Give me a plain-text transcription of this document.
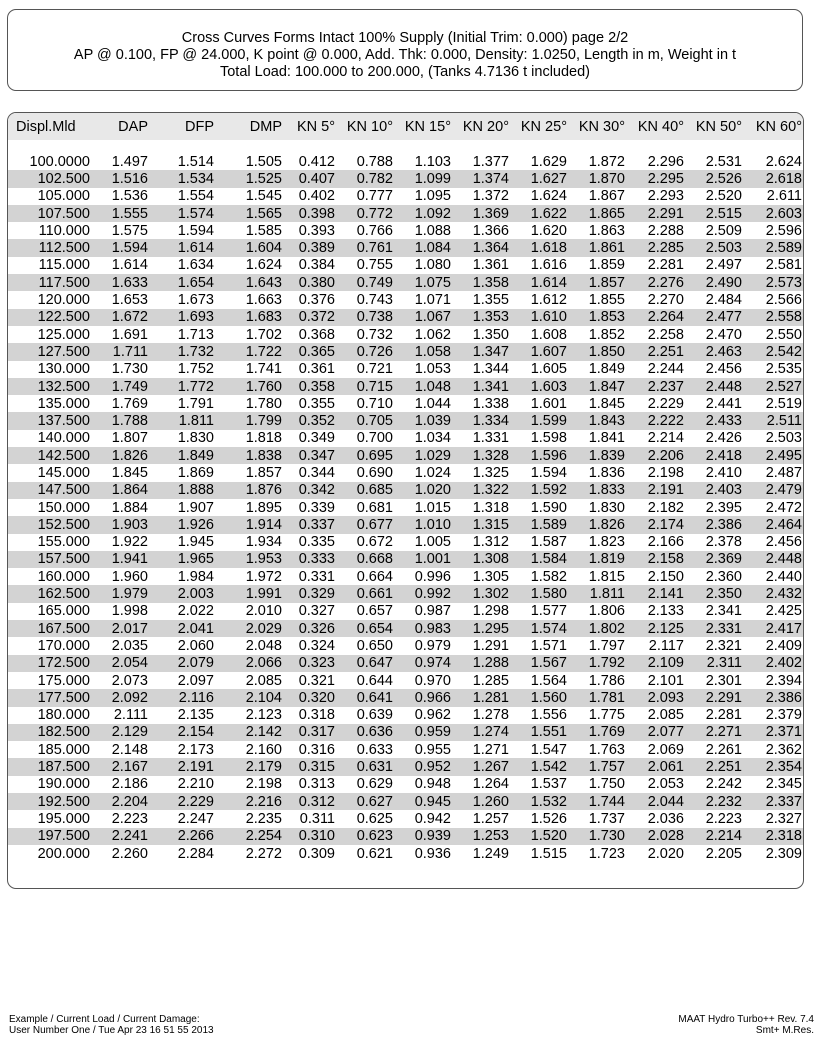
Cross Curves Forms Intact 100% Supply (Initial Trim: 0.000) page 2/2
AP @ 0.100, FP @ 24.000, K point @ 0.000, Add. Thk: 0.000, Density: 1.0250, Length in m, Weight in t
Total Load: 100.000 to 200.000, (Tanks 4.7136 t included)
Displ.Mld	DAP	DFP	DMP	KN 5°	KN 10°	KN 15°	KN 20°	KN 25°	KN 30°	KN 40°	KN 50°	KN 60°

100.0000	1.497	1.514	1.505	0.412	0.788	1.103	1.377	1.629	1.872	2.296	2.531	2.624
102.500	1.516	1.534	1.525	0.407	0.782	1.099	1.374	1.627	1.870	2.295	2.526	2.618
105.000	1.536	1.554	1.545	0.402	0.777	1.095	1.372	1.624	1.867	2.293	2.520	2.611
107.500	1.555	1.574	1.565	0.398	0.772	1.092	1.369	1.622	1.865	2.291	2.515	2.603
110.000	1.575	1.594	1.585	0.393	0.766	1.088	1.366	1.620	1.863	2.288	2.509	2.596
112.500	1.594	1.614	1.604	0.389	0.761	1.084	1.364	1.618	1.861	2.285	2.503	2.589
115.000	1.614	1.634	1.624	0.384	0.755	1.080	1.361	1.616	1.859	2.281	2.497	2.581
117.500	1.633	1.654	1.643	0.380	0.749	1.075	1.358	1.614	1.857	2.276	2.490	2.573
120.000	1.653	1.673	1.663	0.376	0.743	1.071	1.355	1.612	1.855	2.270	2.484	2.566
122.500	1.672	1.693	1.683	0.372	0.738	1.067	1.353	1.610	1.853	2.264	2.477	2.558
125.000	1.691	1.713	1.702	0.368	0.732	1.062	1.350	1.608	1.852	2.258	2.470	2.550
127.500	1.711	1.732	1.722	0.365	0.726	1.058	1.347	1.607	1.850	2.251	2.463	2.542
130.000	1.730	1.752	1.741	0.361	0.721	1.053	1.344	1.605	1.849	2.244	2.456	2.535
132.500	1.749	1.772	1.760	0.358	0.715	1.048	1.341	1.603	1.847	2.237	2.448	2.527
135.000	1.769	1.791	1.780	0.355	0.710	1.044	1.338	1.601	1.845	2.229	2.441	2.519
137.500	1.788	1.811	1.799	0.352	0.705	1.039	1.334	1.599	1.843	2.222	2.433	2.511
140.000	1.807	1.830	1.818	0.349	0.700	1.034	1.331	1.598	1.841	2.214	2.426	2.503
142.500	1.826	1.849	1.838	0.347	0.695	1.029	1.328	1.596	1.839	2.206	2.418	2.495
145.000	1.845	1.869	1.857	0.344	0.690	1.024	1.325	1.594	1.836	2.198	2.410	2.487
147.500	1.864	1.888	1.876	0.342	0.685	1.020	1.322	1.592	1.833	2.191	2.403	2.479
150.000	1.884	1.907	1.895	0.339	0.681	1.015	1.318	1.590	1.830	2.182	2.395	2.472
152.500	1.903	1.926	1.914	0.337	0.677	1.010	1.315	1.589	1.826	2.174	2.386	2.464
155.000	1.922	1.945	1.934	0.335	0.672	1.005	1.312	1.587	1.823	2.166	2.378	2.456
157.500	1.941	1.965	1.953	0.333	0.668	1.001	1.308	1.584	1.819	2.158	2.369	2.448
160.000	1.960	1.984	1.972	0.331	0.664	0.996	1.305	1.582	1.815	2.150	2.360	2.440
162.500	1.979	2.003	1.991	0.329	0.661	0.992	1.302	1.580	1.811	2.141	2.350	2.432
165.000	1.998	2.022	2.010	0.327	0.657	0.987	1.298	1.577	1.806	2.133	2.341	2.425
167.500	2.017	2.041	2.029	0.326	0.654	0.983	1.295	1.574	1.802	2.125	2.331	2.417
170.000	2.035	2.060	2.048	0.324	0.650	0.979	1.291	1.571	1.797	2.117	2.321	2.409
172.500	2.054	2.079	2.066	0.323	0.647	0.974	1.288	1.567	1.792	2.109	2.311	2.402
175.000	2.073	2.097	2.085	0.321	0.644	0.970	1.285	1.564	1.786	2.101	2.301	2.394
177.500	2.092	2.116	2.104	0.320	0.641	0.966	1.281	1.560	1.781	2.093	2.291	2.386
180.000	2.111	2.135	2.123	0.318	0.639	0.962	1.278	1.556	1.775	2.085	2.281	2.379
182.500	2.129	2.154	2.142	0.317	0.636	0.959	1.274	1.551	1.769	2.077	2.271	2.371
185.000	2.148	2.173	2.160	0.316	0.633	0.955	1.271	1.547	1.763	2.069	2.261	2.362
187.500	2.167	2.191	2.179	0.315	0.631	0.952	1.267	1.542	1.757	2.061	2.251	2.354
190.000	2.186	2.210	2.198	0.313	0.629	0.948	1.264	1.537	1.750	2.053	2.242	2.345
192.500	2.204	2.229	2.216	0.312	0.627	0.945	1.260	1.532	1.744	2.044	2.232	2.337
195.000	2.223	2.247	2.235	0.311	0.625	0.942	1.257	1.526	1.737	2.036	2.223	2.327
197.500	2.241	2.266	2.254	0.310	0.623	0.939	1.253	1.520	1.730	2.028	2.214	2.318
200.000	2.260	2.284	2.272	0.309	0.621	0.936	1.249	1.515	1.723	2.020	2.205	2.309
Example / Current Load / Current Damage:
User Number One / Tue Apr 23 16 51 55 2013
MAAT Hydro Turbo++ Rev. 7.4
Smt+ M.Res.
